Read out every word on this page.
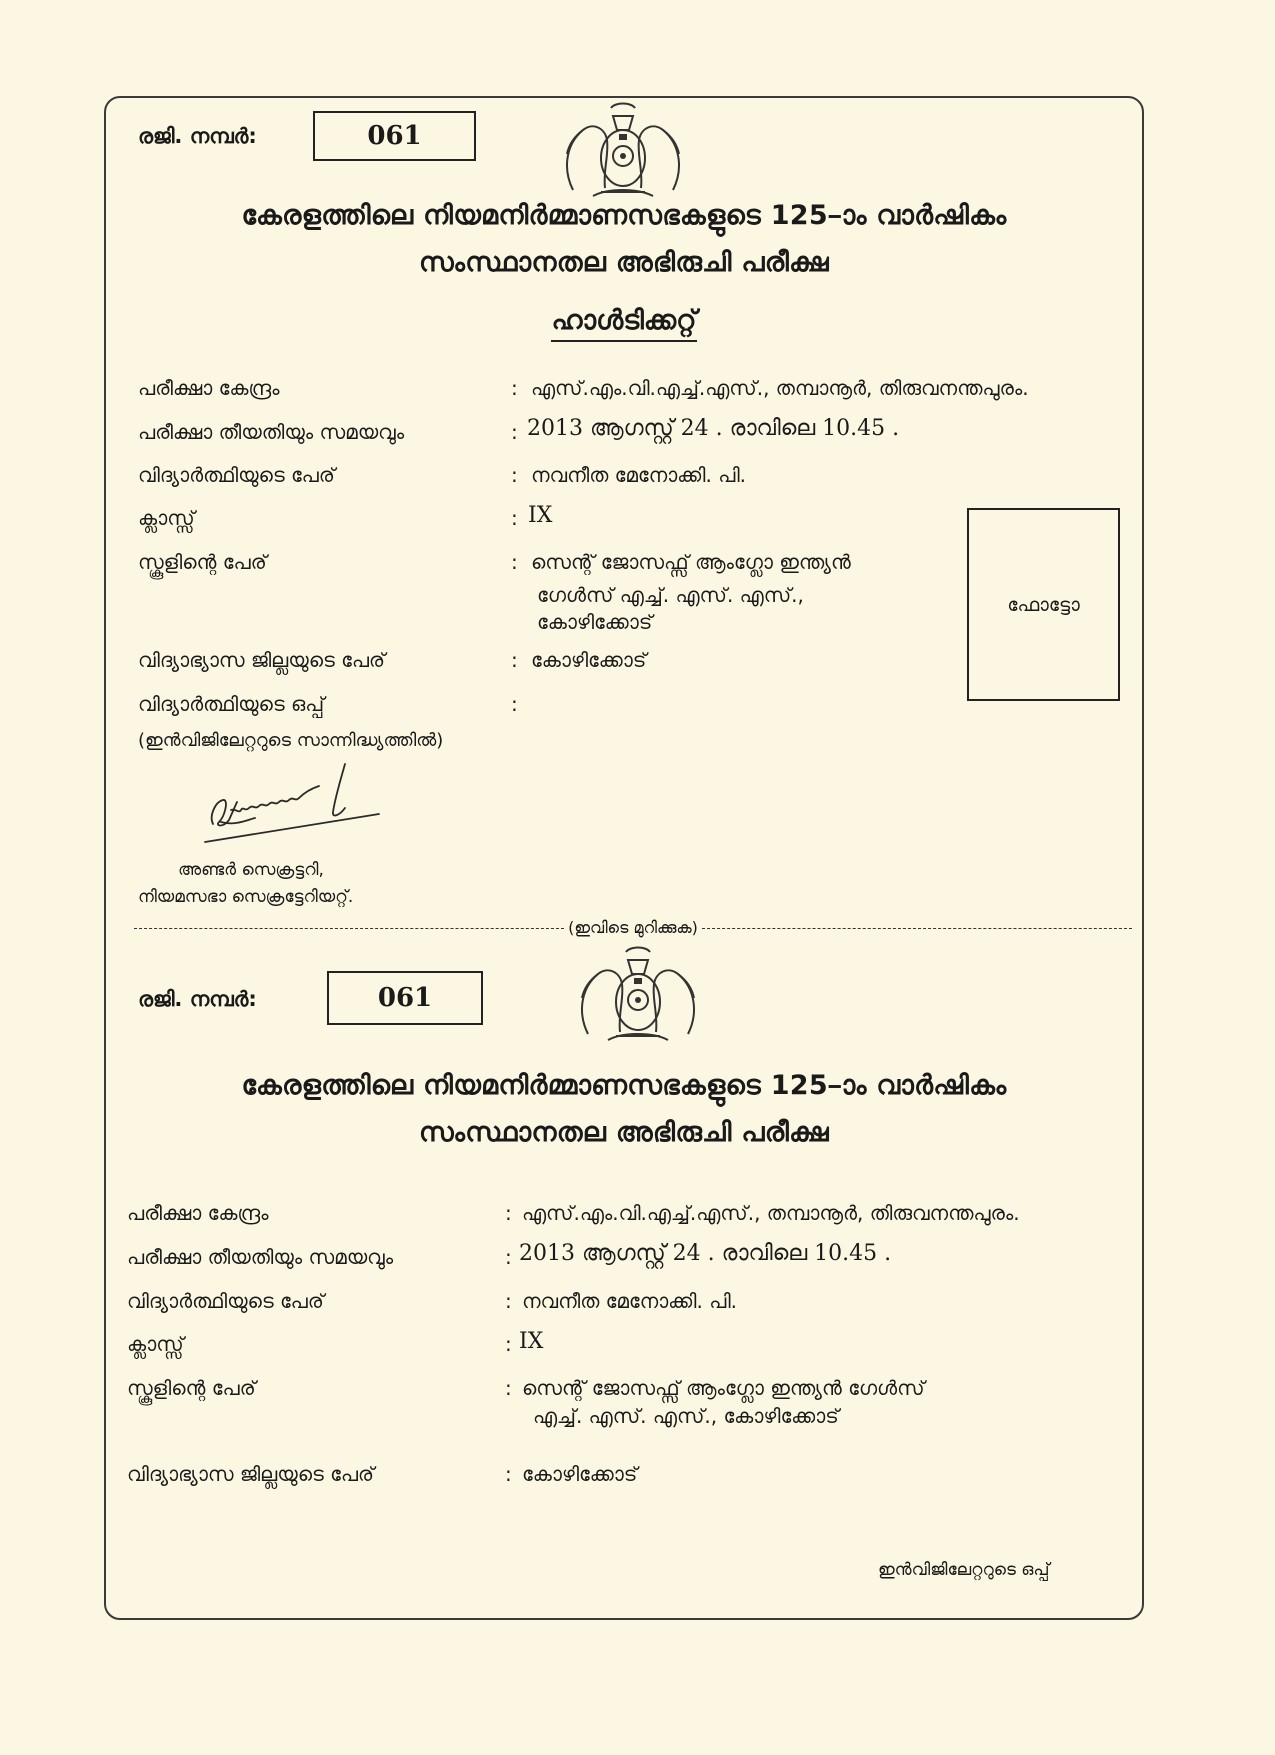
രജി. നമ്പർ:	061
കേരളത്തിലെ നിയമനിർമ്മാണസഭകളുടെ 125–ാം വാർഷികം
സംസ്ഥാനതല അഭിരുചി പരീക്ഷ
ഹാൾടിക്കറ്റ്
പരീക്ഷാ കേന്ദ്രം	: എസ്.എം.വി.എച്ച്.എസ്., തമ്പാനൂർ, തിരുവനന്തപുരം.
പരീക്ഷാ തീയതിയും സമയവും	: 2013 ആഗസ്റ്റ് 24 . രാവിലെ 10.45 .
വിദ്യാർത്ഥിയുടെ പേര്	: നവനീത മേനോക്കി. പി.
ക്ലാസ്സ്	: IX
സ്കൂളിന്റെ പേര്	: സെന്റ് ജോസഫ്സ് ആംഗ്ലോ ഇന്ത്യൻ
ഗേൾസ് എച്ച്. എസ്. എസ്.,
കോഴിക്കോട്
വിദ്യാഭ്യാസ ജില്ലയുടെ പേര്	: കോഴിക്കോട്
വിദ്യാർത്ഥിയുടെ ഒപ്പ്	:
(ഇൻവിജിലേറ്ററുടെ സാന്നിദ്ധ്യത്തിൽ)
ഫോട്ടോ
അണ്ടർ സെക്രട്ടറി,
നിയമസഭാ സെക്രട്ടേറിയറ്റ്.
(ഇവിടെ മുറിക്കുക)
രജി. നമ്പർ:	061
കേരളത്തിലെ നിയമനിർമ്മാണസഭകളുടെ 125–ാം വാർഷികം
സംസ്ഥാനതല അഭിരുചി പരീക്ഷ
പരീക്ഷാ കേന്ദ്രം	: എസ്.എം.വി.എച്ച്.എസ്., തമ്പാനൂർ, തിരുവനന്തപുരം.
പരീക്ഷാ തീയതിയും സമയവും	: 2013 ആഗസ്റ്റ് 24 . രാവിലെ 10.45 .
വിദ്യാർത്ഥിയുടെ പേര്	: നവനീത മേനോക്കി. പി.
ക്ലാസ്സ്	: IX
സ്കൂളിന്റെ പേര്	: സെന്റ് ജോസഫ്സ് ആംഗ്ലോ ഇന്ത്യൻ ഗേൾസ്
എച്ച്. എസ്. എസ്., കോഴിക്കോട്
വിദ്യാഭ്യാസ ജില്ലയുടെ പേര്	: കോഴിക്കോട്
ഇൻവിജിലേറ്ററുടെ ഒപ്പ്
